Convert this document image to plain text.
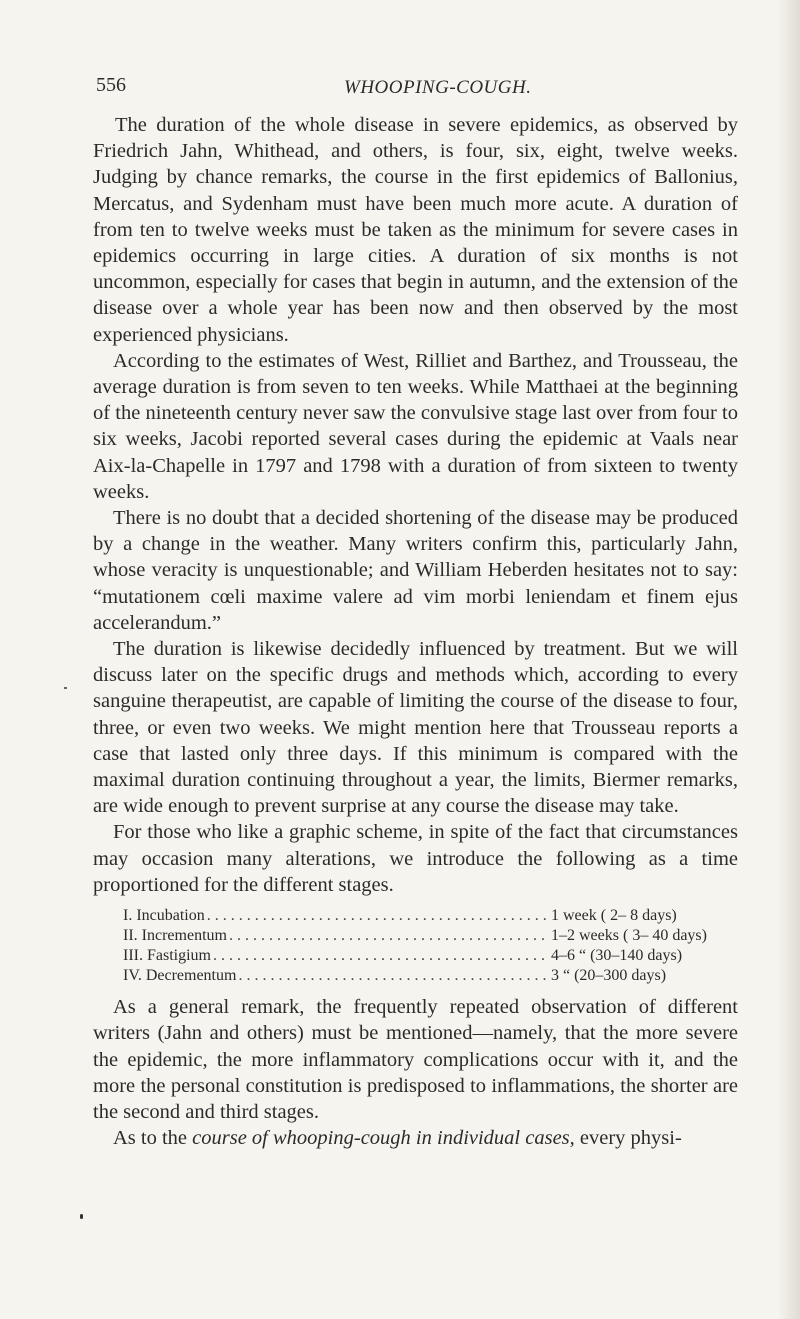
556	WHOOPING-COUGH.

The duration of the whole disease in severe epidemics, as observed by Friedrich Jahn, Whithead, and others, is four, six, eight, twelve weeks. Judging by chance remarks, the course in the first epidemics of Ballonius, Mercatus, and Sydenham must have been much more acute. A duration of from ten to twelve weeks must be taken as the minimum for severe cases in epidemics occurring in large cities. A duration of six months is not uncommon, especially for cases that begin in autumn, and the extension of the disease over a whole year has been now and then observed by the most experienced physicians.

According to the estimates of West, Rilliet and Barthez, and Trousseau, the average duration is from seven to ten weeks. While Matthaei at the beginning of the nineteenth century never saw the convulsive stage last over from four to six weeks, Jacobi reported several cases during the epidemic at Vaals near Aix-la-Chapelle in 1797 and 1798 with a duration of from sixteen to twenty weeks.

There is no doubt that a decided shortening of the disease may be produced by a change in the weather. Many writers confirm this, particularly Jahn, whose veracity is unquestionable; and William Heberden hesitates not to say: “mutationem cœli maxime valere ad vim morbi leniendam et finem ejus accelerandum.”

The duration is likewise decidedly influenced by treatment. But we will discuss later on the specific drugs and methods which, according to every sanguine therapeutist, are capable of limiting the course of the disease to four, three, or even two weeks. We might mention here that Trousseau reports a case that lasted only three days. If this minimum is compared with the maximal duration continuing throughout a year, the limits, Biermer remarks, are wide enough to prevent surprise at any course the disease may take.

For those who like a graphic scheme, in spite of the fact that circumstances may occasion many alterations, we introduce the following as a time proportioned for the different stages.

I. Incubation . . .	1 week ( 2– 8 days)
II. Incrementum . . .	1–2 weeks ( 3– 40 days)
III. Fastigium . . .	4–6 “ (30–140 days)
IV. Decrementum . . .	3 “ (20–300 days)

As a general remark, the frequently repeated observation of different writers (Jahn and others) must be mentioned—namely, that the more severe the epidemic, the more inflammatory complications occur with it, and the more the personal constitution is predisposed to inflammations, the shorter are the second and third stages.

As to the course of whooping-cough in individual cases, every physi-
